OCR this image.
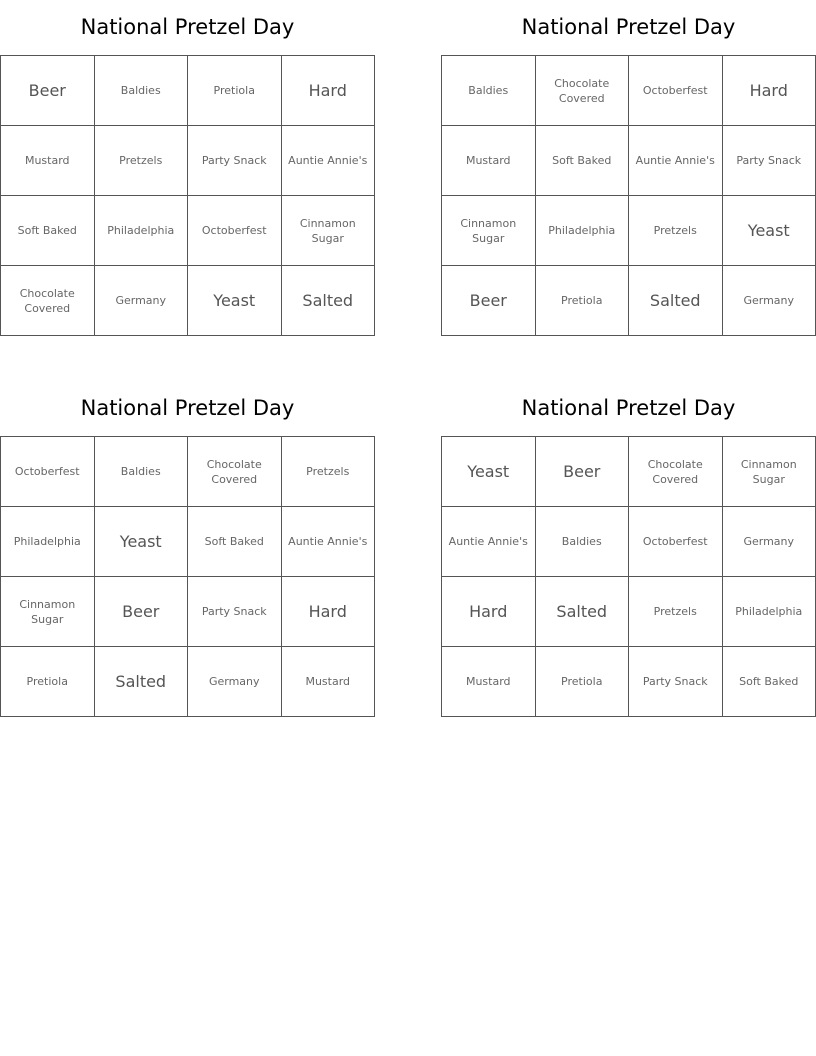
National Pretzel Day
Beer	Baldies	Pretiola	Hard
Mustard	Pretzels	Party Snack	Auntie Annie's
Soft Baked	Philadelphia	Octoberfest	Cinnamon Sugar
Chocolate Covered	Germany	Yeast	Salted
National Pretzel Day
Baldies	Chocolate Covered	Octoberfest	Hard
Mustard	Soft Baked	Auntie Annie's	Party Snack
Cinnamon Sugar	Philadelphia	Pretzels	Yeast
Beer	Pretiola	Salted	Germany
National Pretzel Day
Octoberfest	Baldies	Chocolate Covered	Pretzels
Philadelphia	Yeast	Soft Baked	Auntie Annie's
Cinnamon Sugar	Beer	Party Snack	Hard
Pretiola	Salted	Germany	Mustard
National Pretzel Day
Yeast	Beer	Chocolate Covered	Cinnamon Sugar
Auntie Annie's	Baldies	Octoberfest	Germany
Hard	Salted	Pretzels	Philadelphia
Mustard	Pretiola	Party Snack	Soft Baked
